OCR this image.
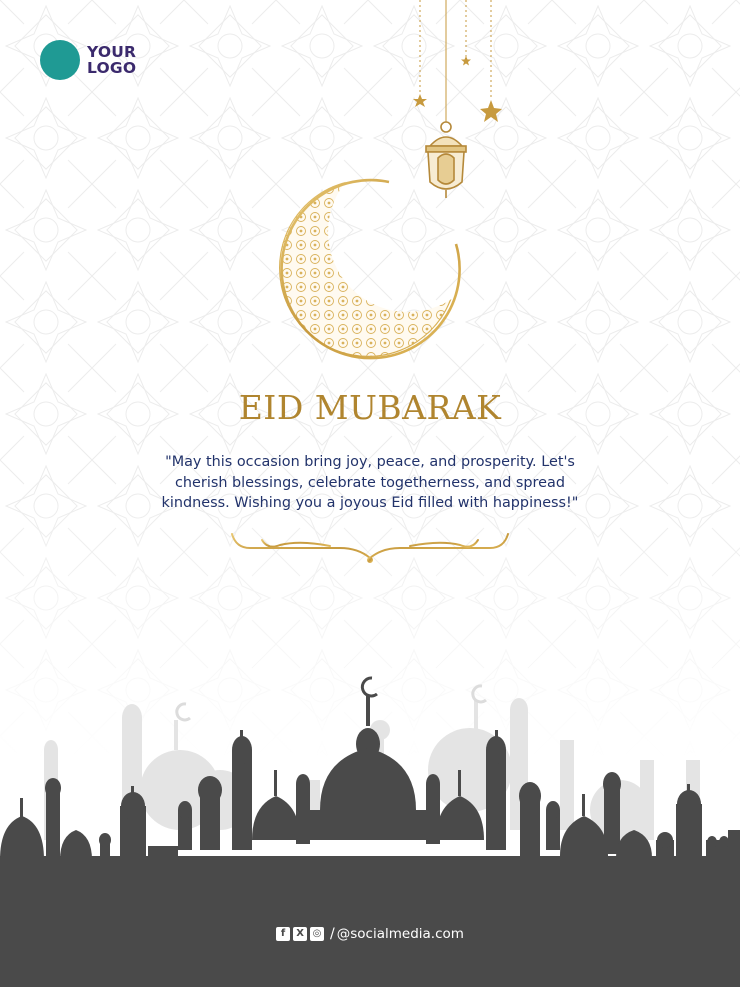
YOUR
LOGO
EID MUBARAK
"May this occasion bring joy, peace, and prosperity. Let's cherish blessings, celebrate togetherness, and spread kindness. Wishing you a joyous Eid filled with happiness!"
f	X ◎ / @socialmedia.com
